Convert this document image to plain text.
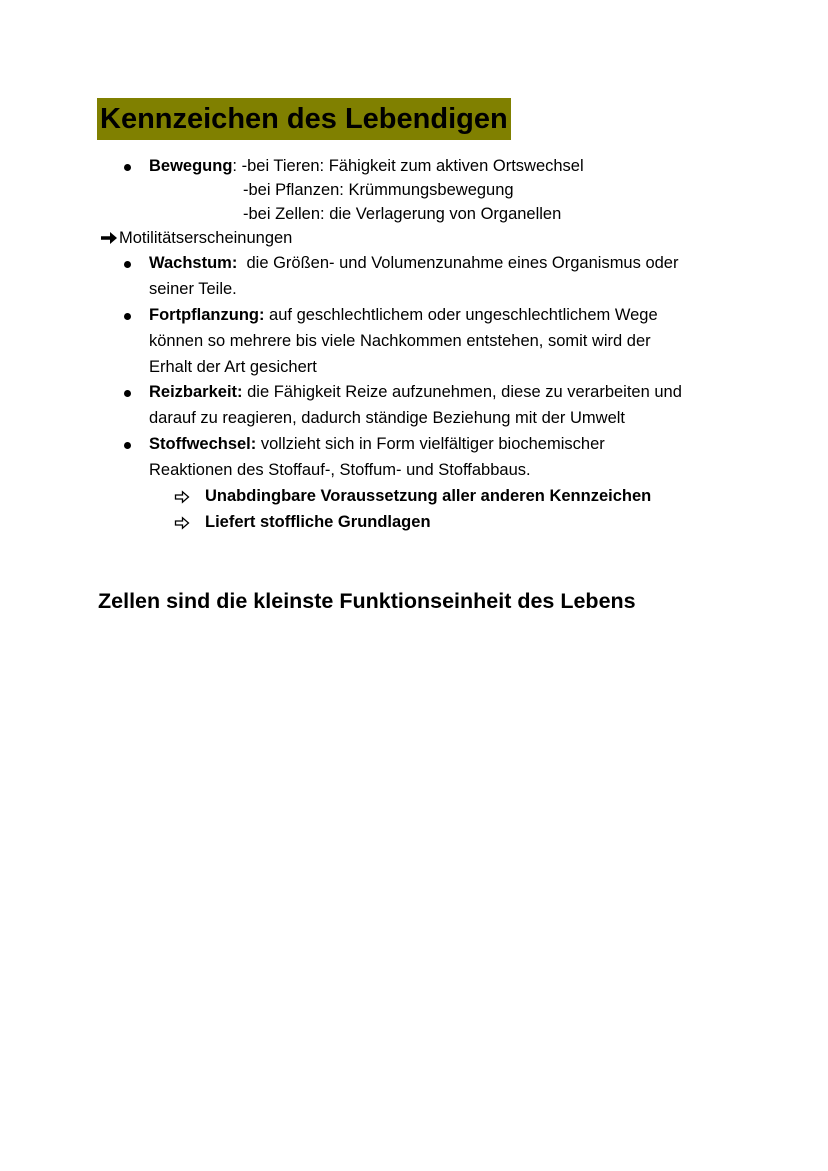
Kennzeichen des Lebendigen
Bewegung: -bei Tieren: Fähigkeit zum aktiven Ortswechsel
-bei Pflanzen: Krümmungsbewegung
-bei Zellen: die Verlagerung von Organellen
Motilitätserscheinungen
Wachstum:  die Größen- und Volumenzunahme eines Organismus oder
seiner Teile.
Fortpflanzung: auf geschlechtlichem oder ungeschlechtlichem Wege
können so mehrere bis viele Nachkommen entstehen, somit wird der
Erhalt der Art gesichert
Reizbarkeit: die Fähigkeit Reize aufzunehmen, diese zu verarbeiten und
darauf zu reagieren, dadurch ständige Beziehung mit der Umwelt
Stoffwechsel: vollzieht sich in Form vielfältiger biochemischer
Reaktionen des Stoffauf-, Stoffum- und Stoffabbaus.
Unabdingbare Voraussetzung aller anderen Kennzeichen
Liefert stoffliche Grundlagen
Zellen sind die kleinste Funktionseinheit des Lebens
